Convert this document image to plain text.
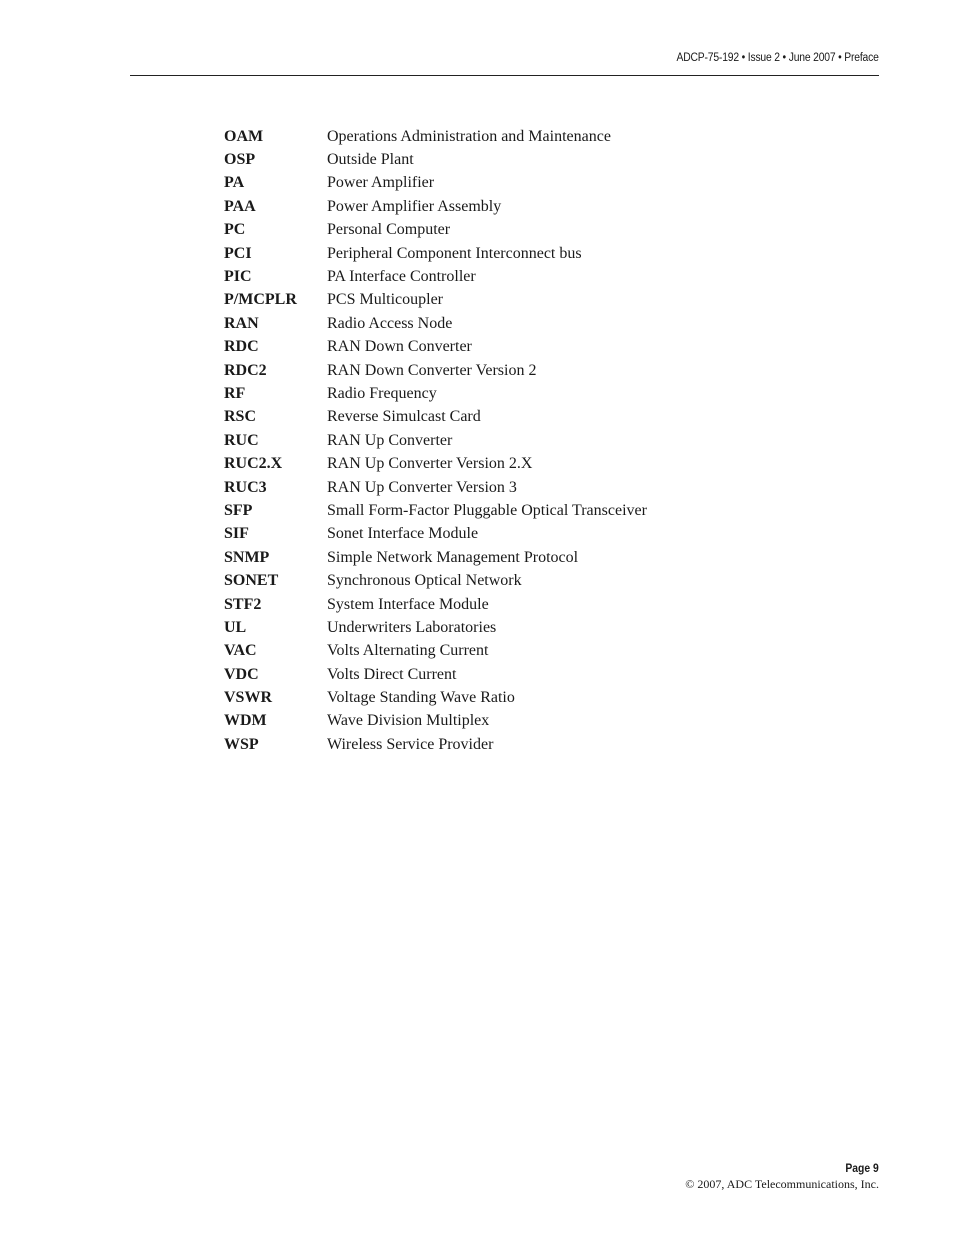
ADCP-75-192 • Issue 2 • June 2007 • Preface
OAM	Operations Administration and Maintenance
OSP	Outside Plant
PA	Power Amplifier
PAA	Power Amplifier Assembly
PC	Personal Computer
PCI	Peripheral Component Interconnect bus
PIC	PA Interface Controller
P/MCPLR	PCS Multicoupler
RAN	Radio Access Node
RDC	RAN Down Converter
RDC2	RAN Down Converter Version 2
RF	Radio Frequency
RSC	Reverse Simulcast Card
RUC	RAN Up Converter
RUC2.X	RAN Up Converter Version 2.X
RUC3	RAN Up Converter Version 3
SFP	Small Form-Factor Pluggable Optical Transceiver
SIF	Sonet Interface Module
SNMP	Simple Network Management Protocol
SONET	Synchronous Optical Network
STF2	System Interface Module
UL	Underwriters Laboratories
VAC	Volts Alternating Current
VDC	Volts Direct Current
VSWR	Voltage Standing Wave Ratio
WDM	Wave Division Multiplex
WSP	Wireless Service Provider
Page 9
© 2007, ADC Telecommunications, Inc.
